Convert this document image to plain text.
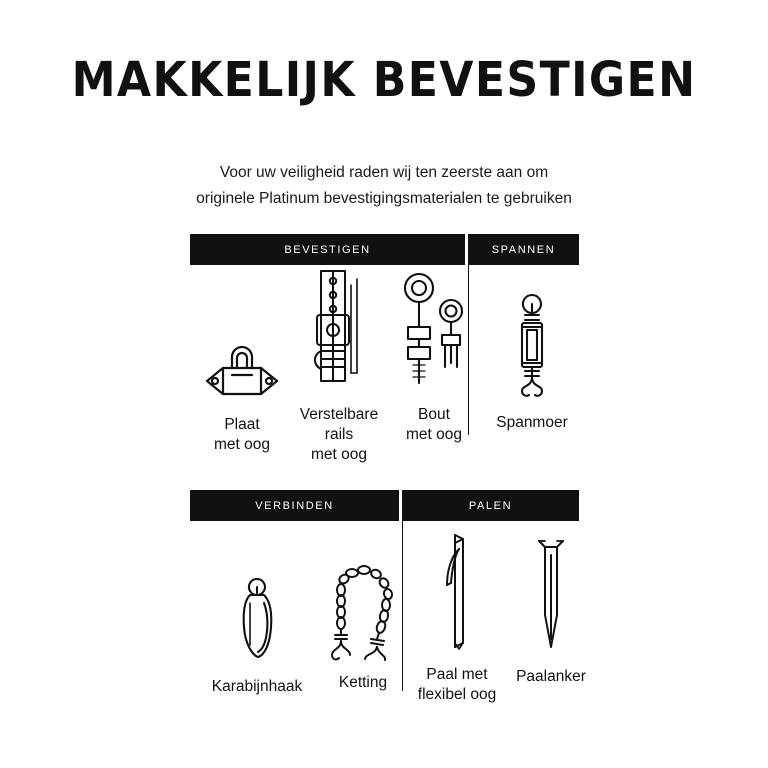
MAKKELIJK BEVESTIGEN
Voor uw veiligheid raden wij ten zeerste aan om
originele Platinum bevestigingsmaterialen te gebruiken
BEVESTIGEN	SPANNEN
Plaat
met oog
Verstelbare
rails
met oog
Bout
met oog
Spanmoer
VERBINDEN	PALEN
Karabijnhaak	Ketting	Paal met
flexibel oog
Paalanker
